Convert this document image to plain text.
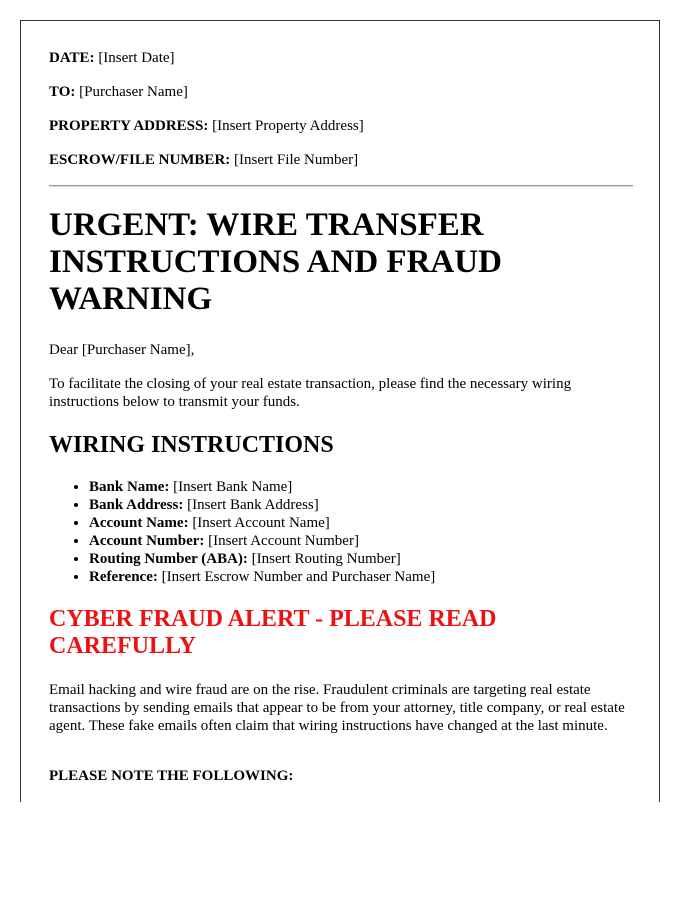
DATE: [Insert Date]

TO: [Purchaser Name]

PROPERTY ADDRESS: [Insert Property Address]

ESCROW/FILE NUMBER: [Insert File Number]

URGENT: WIRE TRANSFER INSTRUCTIONS AND FRAUD WARNING

Dear [Purchaser Name],

To facilitate the closing of your real estate transaction, please find the necessary wiring instructions below to transmit your funds.

WIRING INSTRUCTIONS
• Bank Name: [Insert Bank Name]
• Bank Address: [Insert Bank Address]
• Account Name: [Insert Account Name]
• Account Number: [Insert Account Number]
• Routing Number (ABA): [Insert Routing Number]
• Reference: [Insert Escrow Number and Purchaser Name]
CYBER FRAUD ALERT - PLEASE READ CAREFULLY

Email hacking and wire fraud are on the rise. Fraudulent criminals are targeting real estate transactions by sending emails that appear to be from your attorney, title company, or real estate agent. These fake emails often claim that wiring instructions have changed at the last minute.

PLEASE NOTE THE FOLLOWING:
